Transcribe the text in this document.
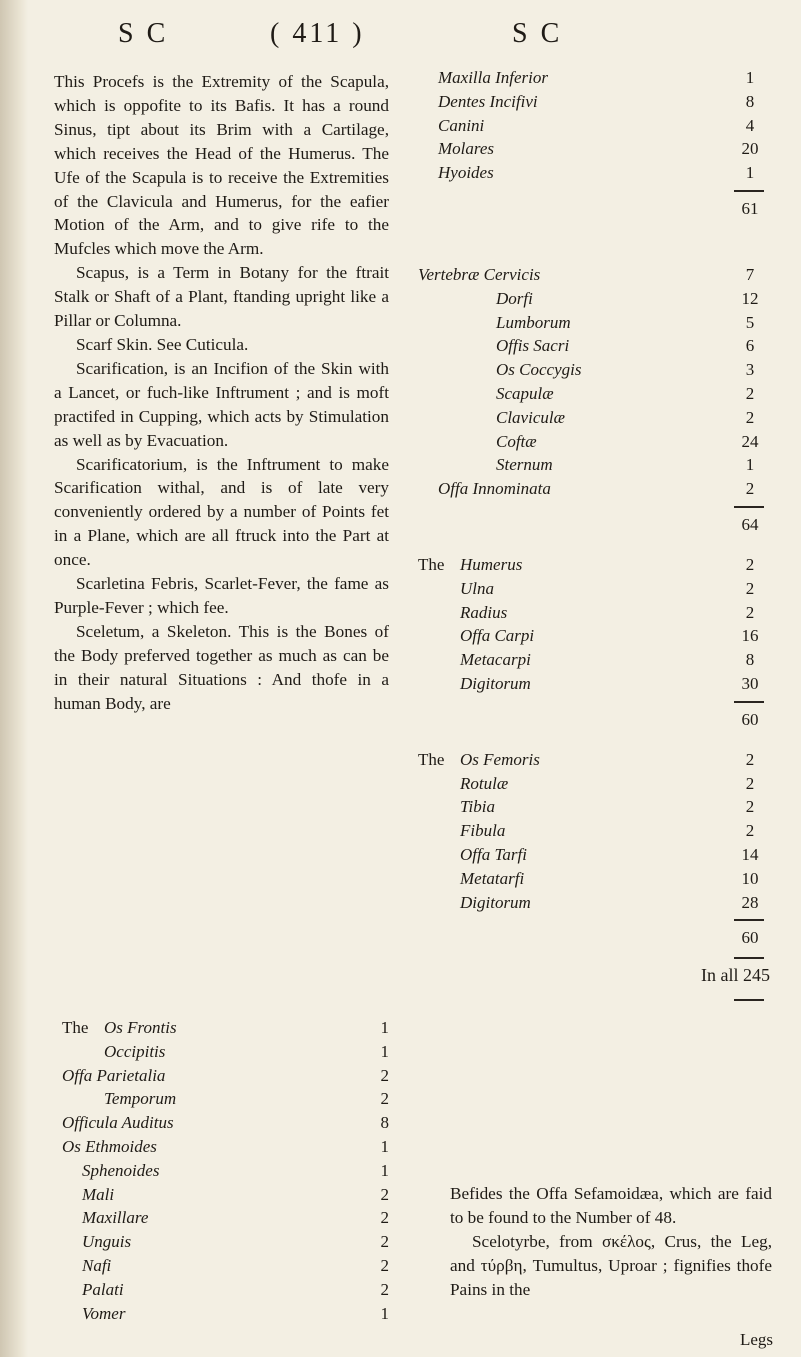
S C	( 411 )	S C

This Procefs is the Extremity of the Scapula, which is oppofite to its Bafis. It has a round Sinus, tipt about its Brim with a Cartilage, which receives the Head of the Humerus. The Ufe of the Scapula is to receive the Extremities of the Clavicula and Humerus, for the eafier Motion of the Arm, and to give rife to the Mufcles which move the Arm.

Scapus, is a Term in Botany for the ftrait Stalk or Shaft of a Plant, ftanding upright like a Pillar or Columna.

Scarf Skin. See Cuticula.

Scarification, is an Incifion of the Skin with a Lancet, or fuch-like Inftrument ; and is moft practifed in Cupping, which acts by Stimulation as well as by Evacuation.

Scarificatorium, is the Inftrument to make Scarification withal, and is of late very conveniently ordered by a number of Points fet in a Plane, which are all ftruck into the Part at once.

Scarletina Febris, Scarlet-Fever, the fame as Purple-Fever ; which fee.

Sceletum, a Skeleton. This is the Bones of the Body preferved together as much as can be in their natural Situations : And thofe in a human Body, are

The Os Frontis	1
Occipitis	1
Offa Parietalia	2
Temporum	2
Officula Auditus	8
Os Ethmoides	1
Sphenoides	1
Mali	2
Maxillare	2
Unguis	2
Nafi	2
Palati	2
Vomer	1
Maxilla Inferior	1
Dentes Incifivi	8
Canini	4
Molares	20
Hyoides	1
61
Vertebræ Cervicis	7
Dorfi	12
Lumborum	5
Offis Sacri	6
Os Coccygis	3
Scapulæ	2
Claviculæ	2
Coftæ	24
Sternum	1
Offa Innominata	2
64
The Humerus	2
Ulna	2
Radius	2
Offa Carpi	16
Metacarpi	8
Digitorum	30
60
The Os Femoris	2
Rotulæ	2
Tibia	2
Fibula	2
Offa Tarfi	14
Metatarfi	10
Digitorum	28
60
In all 245

Befides the Offa Sefamoidæa, which are faid to be found to the Number of 48.

Scelotyrbe, from σκέλος, Crus, the Leg, and τύρβη, Tumultus, Uproar ; fignifies thofe Pains in the

Legs
